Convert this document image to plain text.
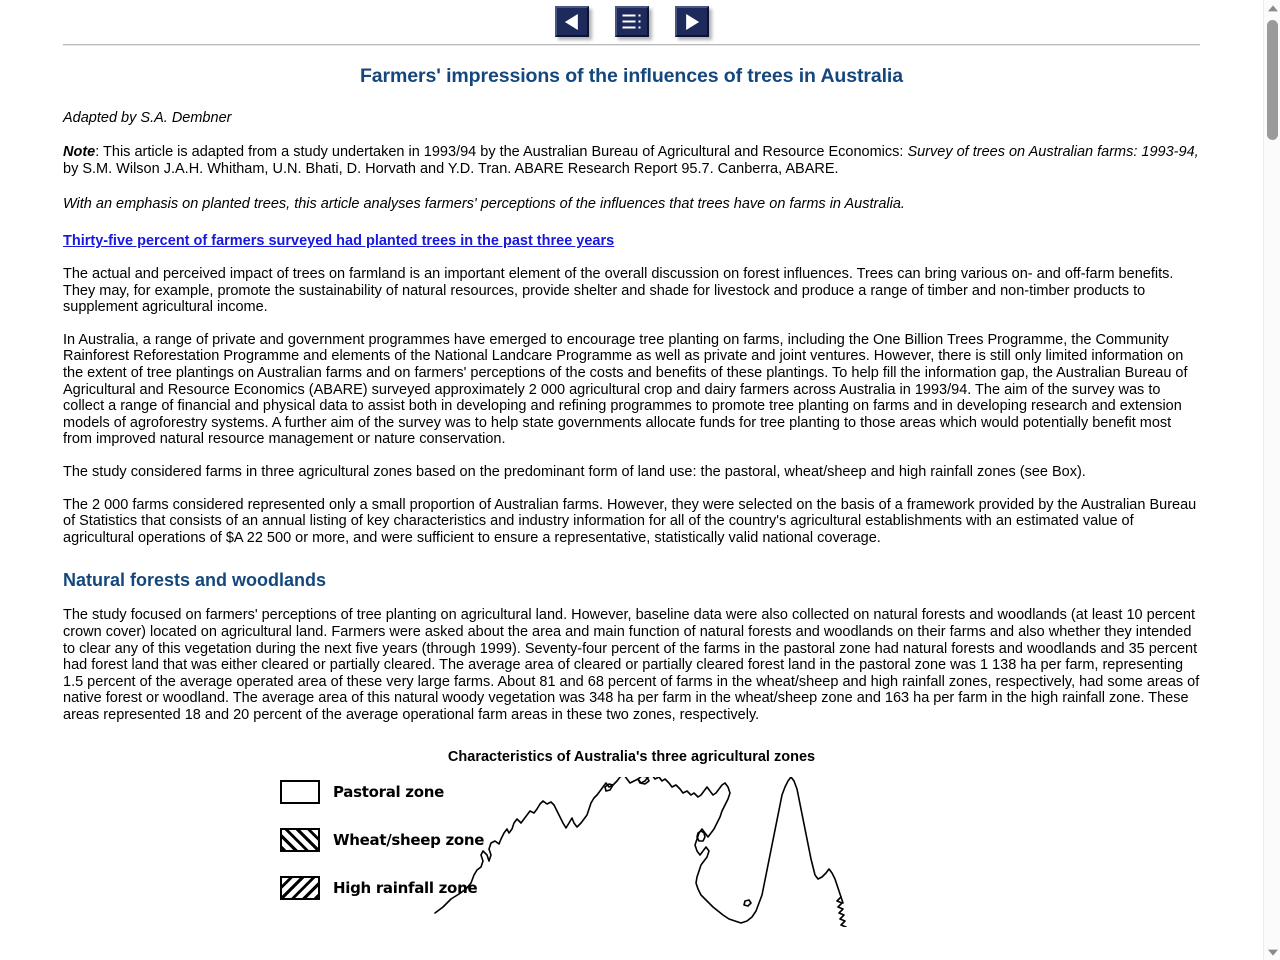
Farmers' impressions of the influences of trees in Australia

Adapted by S.A. Dembner

Note: This article is adapted from a study undertaken in 1993/94 by the Australian Bureau of Agricultural and Resource Economics: Survey of trees on Australian farms: 1993-94, by S.M. Wilson J.A.H. Whitham, U.N. Bhati, D. Horvath and Y.D. Tran. ABARE Research Report 95.7. Canberra, ABARE.

With an emphasis on planted trees, this article analyses farmers' perceptions of the influences that trees have on farms in Australia.

Thirty-five percent of farmers surveyed had planted trees in the past three years

The actual and perceived impact of trees on farmland is an important element of the overall discussion on forest influences. Trees can bring various on- and off-farm benefits. They may, for example, promote the sustainability of natural resources, provide shelter and shade for livestock and produce a range of timber and non-timber products to supplement agricultural income.

In Australia, a range of private and government programmes have emerged to encourage tree planting on farms, including the One Billion Trees Programme, the Community Rainforest Reforestation Programme and elements of the National Landcare Programme as well as private and joint ventures. However, there is still only limited information on the extent of tree plantings on Australian farms and on farmers' perceptions of the costs and benefits of these plantings. To help fill the information gap, the Australian Bureau of Agricultural and Resource Economics (ABARE) surveyed approximately 2 000 agricultural crop and dairy farmers across Australia in 1993/94. The aim of the survey was to collect a range of financial and physical data to assist both in developing and refining programmes to promote tree planting on farms and in developing research and extension models of agroforestry systems. A further aim of the survey was to help state governments allocate funds for tree planting to those areas which would potentially benefit most from improved natural resource management or nature conservation.

The study considered farms in three agricultural zones based on the predominant form of land use: the pastoral, wheat/sheep and high rainfall zones (see Box).

The 2 000 farms considered represented only a small proportion of Australian farms. However, they were selected on the basis of a framework provided by the Australian Bureau of Statistics that consists of an annual listing of key characteristics and industry information for all of the country's agricultural establishments with an estimated value of agricultural operations of $A 22 500 or more, and were sufficient to ensure a representative, statistically valid national coverage.

Natural forests and woodlands

The study focused on farmers' perceptions of tree planting on agricultural land. However, baseline data were also collected on natural forests and woodlands (at least 10 percent crown cover) located on agricultural land. Farmers were asked about the area and main function of natural forests and woodlands on their farms and also whether they intended to clear any of this vegetation during the next five years (through 1999). Seventy-four percent of the farms in the pastoral zone had natural forests and woodlands and 35 percent had forest land that was either cleared or partially cleared. The average area of cleared or partially cleared forest land in the pastoral zone was 1 138 ha per farm, representing 1.5 percent of the average operated area of these very large farms. About 81 and 68 percent of farms in the wheat/sheep and high rainfall zones, respectively, had some areas of native forest or woodland. The average area of this natural woody vegetation was 348 ha per farm in the wheat/sheep zone and 163 ha per farm in the high rainfall zone. These areas represented 18 and 20 percent of the average operational farm areas in these two zones, respectively.

Characteristics of Australia's three agricultural zones

Pastoral zone
Wheat/sheep zone
High rainfall zone
